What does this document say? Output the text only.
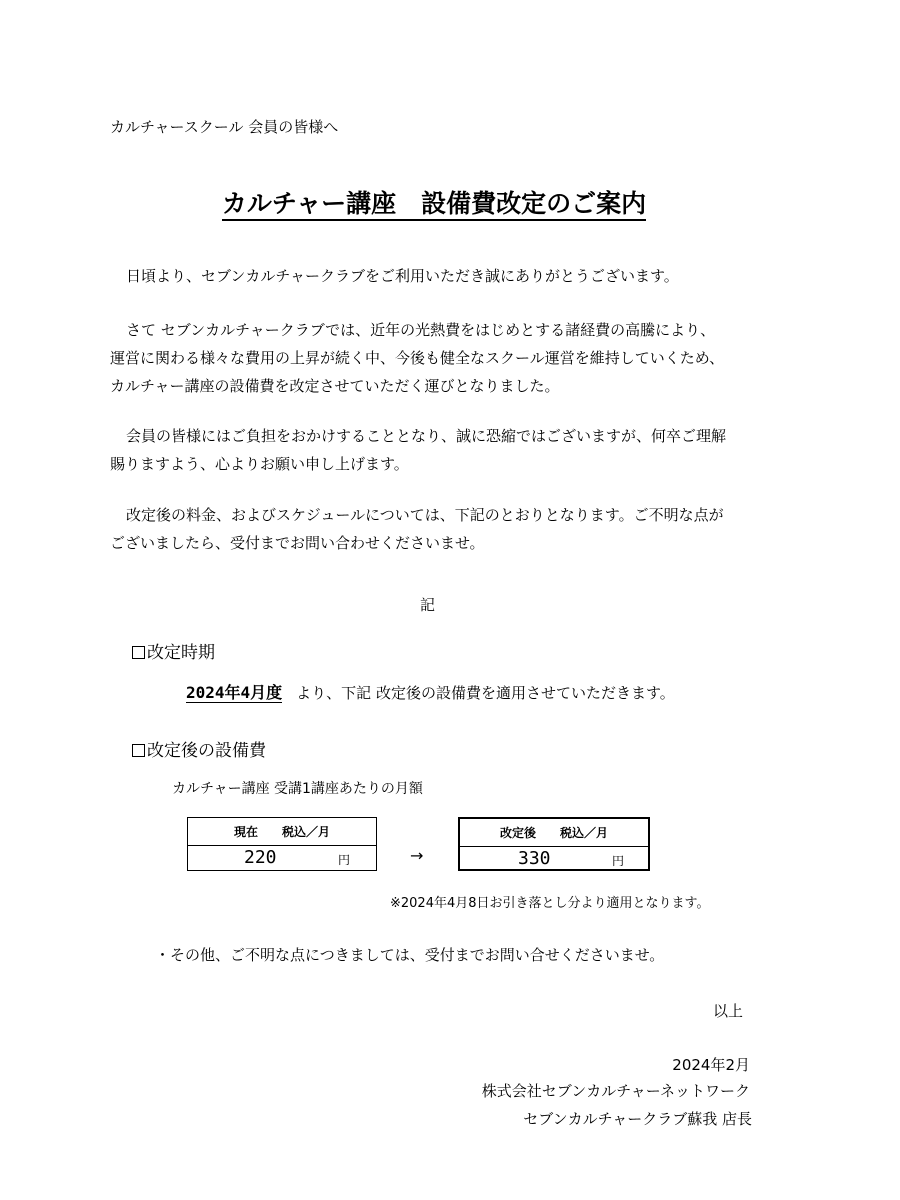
カルチャースクール 会員の皆様へ
カルチャー講座　設備費改定のご案内
日頃より、セブンカルチャークラブをご利用いただき誠にありがとうございます。
さて セブンカルチャークラブでは、近年の光熱費をはじめとする諸経費の高騰により、
運営に関わる様々な費用の上昇が続く中、今後も健全なスクール運営を維持していくため、
カルチャー講座の設備費を改定させていただく運びとなりました。
会員の皆様にはご負担をおかけすることとなり、誠に恐縮ではございますが、何卒ご理解
賜りますよう、心よりお願い申し上げます。
改定後の料金、およびスケジュールについては、下記のとおりとなります。ご不明な点が
ございましたら、受付までお問い合わせくださいませ。
記
改定時期
2024年4月度 より、下記 改定後の設備費を適用させていただきます。
改定後の設備費
カルチャー講座 受講1講座あたりの月額
現在　　税込／月
220	円	→
改定後　　税込／月
330	円
※2024年4月8日お引き落とし分より適用となります。
・その他、ご不明な点につきましては、受付までお問い合せくださいませ。
以上
2024年2月
株式会社セブンカルチャーネットワーク
セブンカルチャークラブ蘇我 店長
